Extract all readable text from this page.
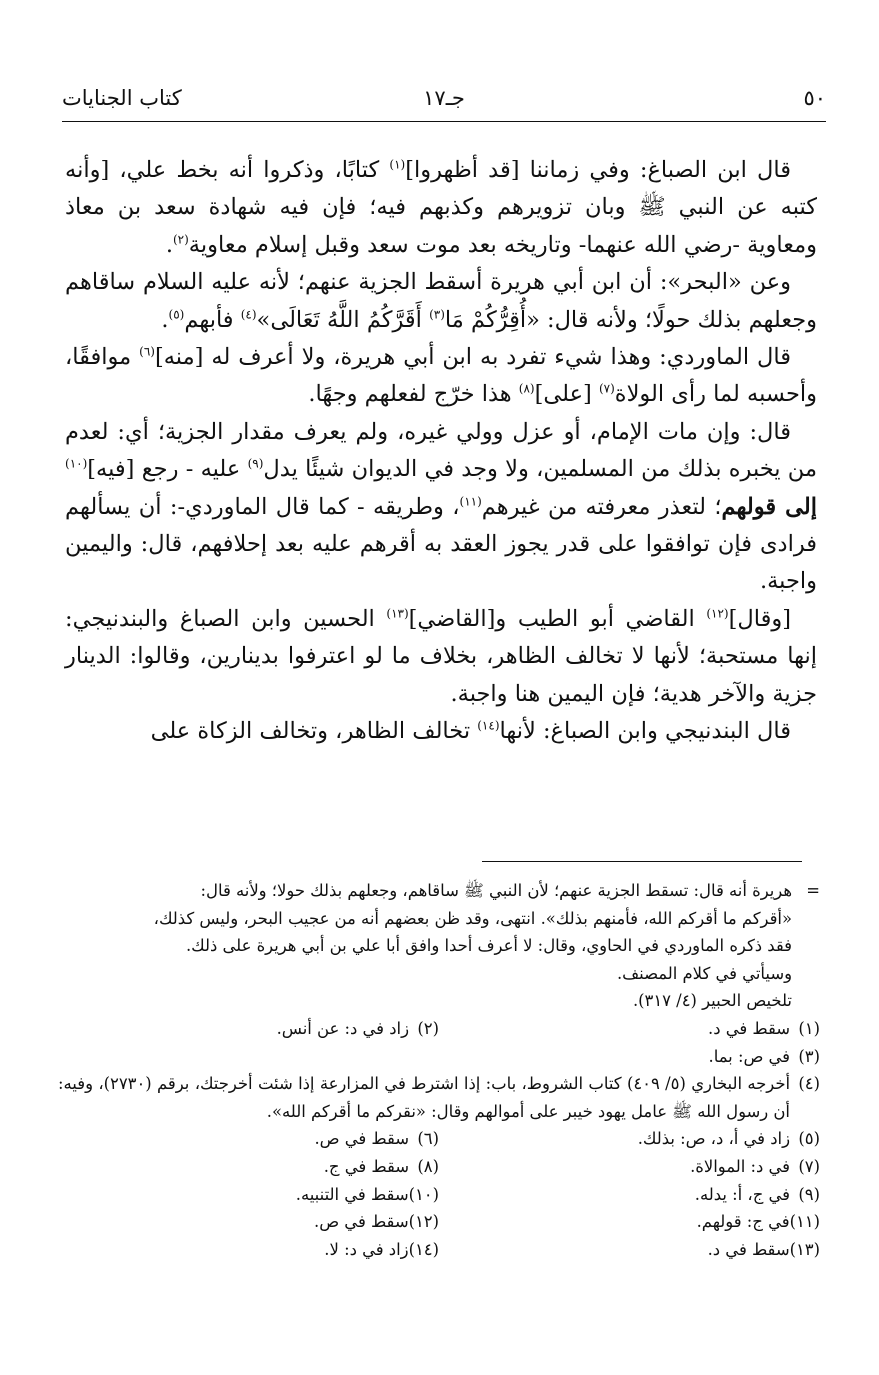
٥٠
جـ١٧
كتاب الجنايات

قال ابن الصباغ: وفي زماننا [قد أظهروا]$^{(١)}$ كتابًا، وذكروا أنه بخط علي، [وأنه كتبه عن النبي ﷺ وبان تزويرهم وكذبهم فيه؛ فإن فيه شهادة سعد بن معاذ ومعاوية -رضي الله عنهما- وتاريخه بعد موت سعد وقبل إسلام معاوية$^{(٢)}$.

وعن «البحر»: أن ابن أبي هريرة أسقط الجزية عنهم؛ لأنه عليه السلام ساقاهم وجعلهم بذلك حولًا؛ ولأنه قال: «أُقِرُّكُمْ مَا$^{(٣)}$ أَقَرَّكُمُ اللَّهُ تَعَالَى»$^{(٤)}$ فأبهم$^{(٥)}$.

قال الماوردي: وهذا شيء تفرد به ابن أبي هريرة، ولا أعرف له [منه]$^{(٦)}$ موافقًا، وأحسبه لما رأى الولاة$^{(٧)}$ [على]$^{(٨)}$ هذا خرّج لفعلهم وجهًا.

قال: وإن مات الإمام، أو عزل وولي غيره، ولم يعرف مقدار الجزية؛ أي: لعدم من يخبره بذلك من المسلمين، ولا وجد في الديوان شيئًا يدل$^{(٩)}$ عليه - رجع [فيه]$^{(١٠)}$ إلى قولهم؛ لتعذر معرفته من غيرهم$^{(١١)}$، وطريقه - كما قال الماوردي-: أن يسألهم فرادى فإن توافقوا على قدر يجوز العقد به أقرهم عليه بعد إحلافهم، قال: واليمين واجبة.

[وقال]$^{(١٢)}$ القاضي أبو الطيب و[القاضي]$^{(١٣)}$ الحسين وابن الصباغ والبندنيجي: إنها مستحبة؛ لأنها لا تخالف الظاهر، بخلاف ما لو اعترفوا بدينارين، وقالوا: الدينار جزية والآخر هدية؛ فإن اليمين هنا واجبة.

قال البندنيجي وابن الصباغ: لأنها$^{(١٤)}$ تخالف الظاهر، وتخالف الزكاة على

=
هريرة أنه قال: تسقط الجزية عنهم؛ لأن النبي ﷺ ساقاهم، وجعلهم بذلك حولا؛ ولأنه قال:
«أقركم ما أقركم الله، فأمنهم بذلك». انتهى، وقد ظن بعضهم أنه من عجيب البحر، وليس كذلك،
فقد ذكره الماوردي في الحاوي، وقال: لا أعرف أحدا وافق أبا علي بن أبي هريرة على ذلك.
وسيأتي في كلام المصنف.
تلخيص الحبير (٤/ ٣١٧).
(١)
سقط في د.
(٢)
زاد في د: عن أنس.
(٣)
في ص: بما.
(٤)
أخرجه البخاري (٥/ ٤٠٩) كتاب الشروط، باب: إذا اشترط في المزارعة إذا شئت أخرجتك، برقم (٢٧٣٠)، وفيه: أن رسول الله ﷺ عامل يهود خيبر على أموالهم وقال: «نقركم ما أقركم الله».
(٥)
زاد في أ، د، ص: بذلك.
(٦)
سقط في ص.
(٧)
في د: الموالاة.
(٨)
سقط في ج.
(٩)
في ج، أ: يدله.
(١٠)
سقط في التنبيه.
(١١)
في ج: قولهم.
(١٢)
سقط في ص.
(١٣)
سقط في د.
(١٤)
زاد في د: لا.
